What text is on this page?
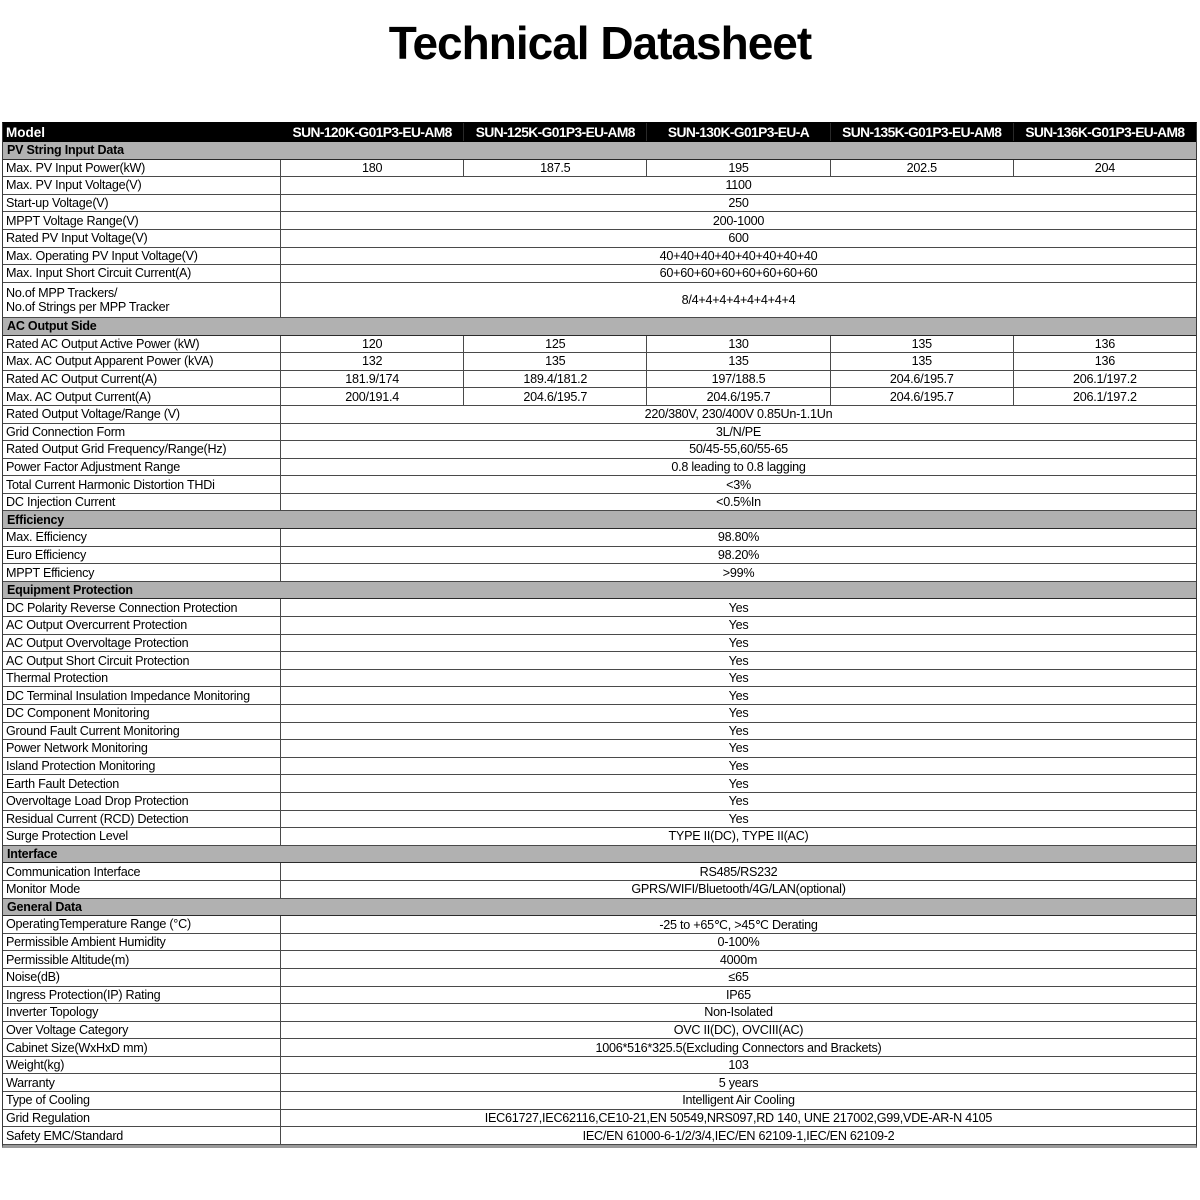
Technical Datasheet
Model	SUN-120K-G01P3-EU-AM8	SUN-125K-G01P3-EU-AM8	SUN-130K-G01P3-EU-A	SUN-135K-G01P3-EU-AM8	SUN-136K-G01P3-EU-AM8
PV String Input Data
Max. PV Input Power(kW)	180	187.5	195	202.5	204
Max. PV Input Voltage(V)	1100
Start-up Voltage(V)	250
MPPT Voltage Range(V)	200-1000
Rated PV Input Voltage(V)	600
Max. Operating PV Input Voltage(V)	40+40+40+40+40+40+40+40
Max. Input Short Circuit Current(A)	60+60+60+60+60+60+60+60
No.of MPP Trackers/
No.of Strings per MPP Tracker	8/4+4+4+4+4+4+4+4
AC Output Side
Rated AC Output Active Power (kW)	120	125	130	135	136
Max. AC Output Apparent Power (kVA)	132	135	135	135	136
Rated AC Output Current(A)	181.9/174	189.4/181.2	197/188.5	204.6/195.7	206.1/197.2
Max. AC Output Current(A)	200/191.4	204.6/195.7	204.6/195.7	204.6/195.7	206.1/197.2
Rated Output Voltage/Range (V)	220/380V, 230/400V 0.85Un-1.1Un
Grid Connection Form	3L/N/PE
Rated Output Grid Frequency/Range(Hz)	50/45-55,60/55-65
Power Factor Adjustment Range	0.8 leading to 0.8 lagging
Total Current Harmonic Distortion THDi	<3%
DC Injection Current	<0.5%In
Efficiency
Max. Efficiency	98.80%
Euro Efficiency	98.20%
MPPT Efficiency	>99%
Equipment Protection
DC Polarity Reverse Connection Protection	Yes
AC Output Overcurrent Protection	Yes
AC Output Overvoltage Protection	Yes
AC Output Short Circuit Protection	Yes
Thermal Protection	Yes
DC Terminal Insulation Impedance Monitoring	Yes
DC Component Monitoring	Yes
Ground Fault Current Monitoring	Yes
Power Network Monitoring	Yes
Island Protection Monitoring	Yes
Earth Fault Detection	Yes
Overvoltage Load Drop Protection	Yes
Residual Current (RCD) Detection	Yes
Surge Protection Level	TYPE II(DC), TYPE II(AC)
Interface
Communication Interface	RS485/RS232
Monitor Mode	GPRS/WIFI/Bluetooth/4G/LAN(optional)
General Data
OperatingTemperature Range (°C)	-25 to +65℃, >45℃ Derating
Permissible Ambient Humidity	0-100%
Permissible Altitude(m)	4000m
Noise(dB)	≤65
Ingress Protection(IP) Rating	IP65
Inverter Topology	Non-Isolated
Over Voltage Category	OVC II(DC), OVCIII(AC)
Cabinet Size(WxHxD mm)	1006*516*325.5(Excluding Connectors and Brackets)
Weight(kg)	103
Warranty	5 years
Type of Cooling	Intelligent Air Cooling
Grid Regulation	IEC61727,IEC62116,CE10-21,EN 50549,NRS097,RD 140, UNE 217002,G99,VDE-AR-N 4105
Safety EMC/Standard	IEC/EN 61000-6-1/2/3/4,IEC/EN 62109-1,IEC/EN 62109-2
